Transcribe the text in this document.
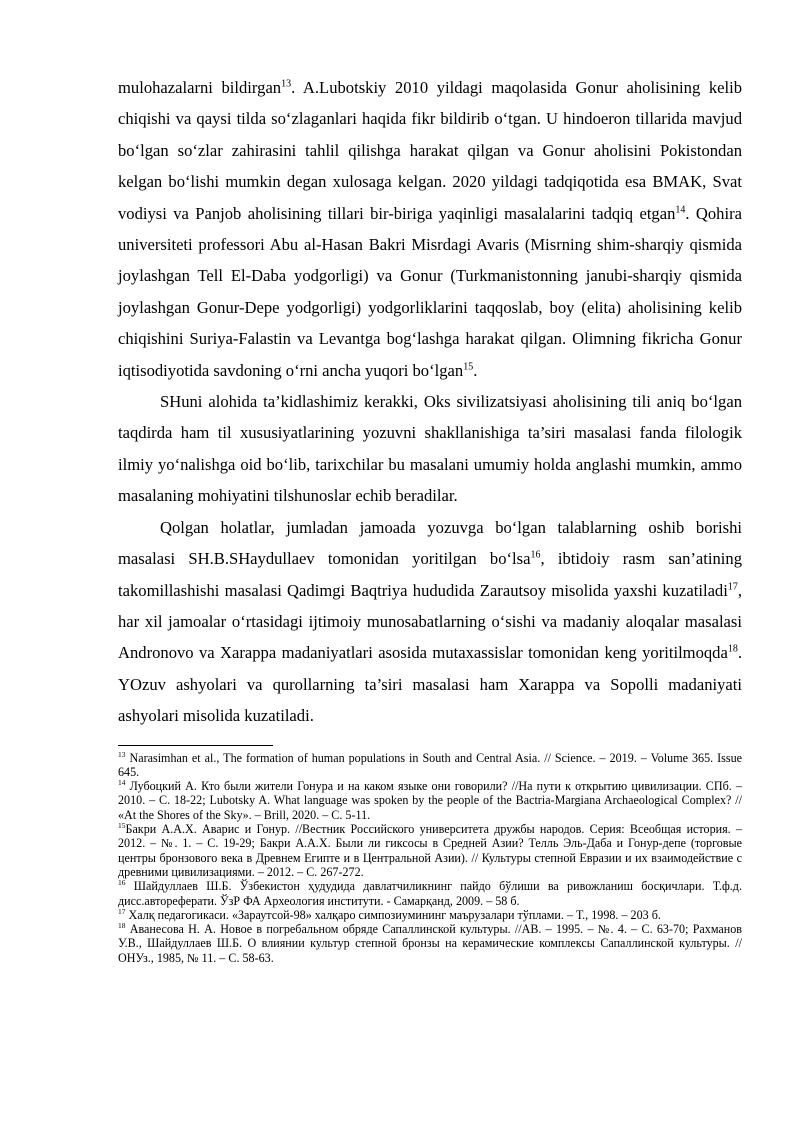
mulohazalarni bildirgan$^{13}$. A.Lubotskiy 2010 yildagi maqolasida Gonur aholisining kelib chiqishi va qaysi tilda soʻzlaganlari haqida fikr bildirib oʻtgan. U hindoeron tillarida mavjud boʻlgan soʻzlar zahirasini tahlil qilishga harakat qilgan va Gonur aholisini Pokistondan kelgan boʻlishi mumkin degan xulosaga kelgan. 2020 yildagi tadqiqotida esa BMAK, Svat vodiysi va Panjob aholisining tillari bir-biriga yaqinligi masalalarini tadqiq etgan$^{14}$. Qohira universiteti professori Abu al-Hasan Bakri Misrdagi Avaris (Misrning shim-sharqiy qismida joylashgan Tell El-Daba yodgorligi) va Gonur (Turkmanistonning janubi-sharqiy qismida joylashgan Gonur-Depe yodgorligi) yodgorliklarini taqqoslab, boy (elita) aholisining kelib chiqishini Suriya-Falastin va Levantga bogʻlashga harakat qilgan. Olimning fikricha Gonur iqtisodiyotida savdoning oʻrni ancha yuqori boʻlgan$^{15}$.

SHuni alohida ta’kidlashimiz kerakki, Oks sivilizatsiyasi aholisining tili aniq boʻlgan taqdirda ham til xususiyatlarining yozuvni shakllanishiga ta’siri masalasi fanda filologik ilmiy yoʻnalishga oid boʻlib, tarixchilar bu masalani umumiy holda anglashi mumkin, ammo masalaning mohiyatini tilshunoslar echib beradilar.

Qolgan holatlar, jumladan jamoada yozuvga boʻlgan talablarning oshib borishi masalasi SH.B.SHaydullaev tomonidan yoritilgan boʻlsa$^{16}$, ibtidoiy rasm san’atining takomillashishi masalasi Qadimgi Baqtriya hududida Zarautsoy misolida yaxshi kuzatiladi$^{17}$, har xil jamoalar oʻrtasidagi ijtimoiy munosabatlarning oʻsishi va madaniy aloqalar masalasi Andronovo va Xarappa madaniyatlari asosida mutaxassislar tomonidan keng yoritilmoqda$^{18}$. YOzuv ashyolari va qurollarning ta’siri masalasi ham Xarappa va Sopolli madaniyati ashyolari misolida kuzatiladi.

$^{13}$ Narasimhan et al., The formation of human populations in South and Central Asia. // Science. – 2019. – Volume 365. Issue 645.

$^{14}$ Лубоцкий А. Кто были жители Гонура и на каком языке они говорили? //На пути к открытию цивилизации. СПб. – 2010. – С. 18-22; Lubotsky A. What language was spoken by the people of the Bactria-Margiana Archaeological Complex? // «At the Shores of the Sky». – Brill, 2020. – C. 5-11.

$^{15}$Бакри А.А.Х. Аварис и Гонур. //Вестник Российского университета дружбы народов. Серия: Всеобщая история. – 2012. – №. 1. – С. 19-29; Бакри А.А.Х. Были ли гиксосы в Средней Азии? Телль Эль-Даба и Гонур-депе (торговые центры бронзового века в Древнем Египте и в Центральной Азии). // Культуры степной Евразии и их взаимодействие с древними цивилизациями. – 2012. – С. 267-272.

$^{16}$ Шайдуллаев Ш.Б. Ўзбекистон ҳудудида давлатчиликнинг пайдо бўлиши ва ривожланиш босқичлари. Т.ф.д. дисс.автореферати. ЎзР ФА Археология институти. - Самарқанд, 2009. – 58 б.

$^{17}$ Халқ педагогикаси. «Зараутсой-98» халқаро симпозиумининг маърузалари тўплами. – Т., 1998. – 203 б.

$^{18}$ Аванесова Н. А. Новое в погребальном обряде Сапаллинской культуры. //АВ. – 1995. – №. 4. – С. 63-70; Рахманов У.В., Шайдуллаев Ш.Б. О влиянии культур степной бронзы на керамические комплексы Сапаллинской культуры. // ОНУз., 1985, № 11. – С. 58-63.
